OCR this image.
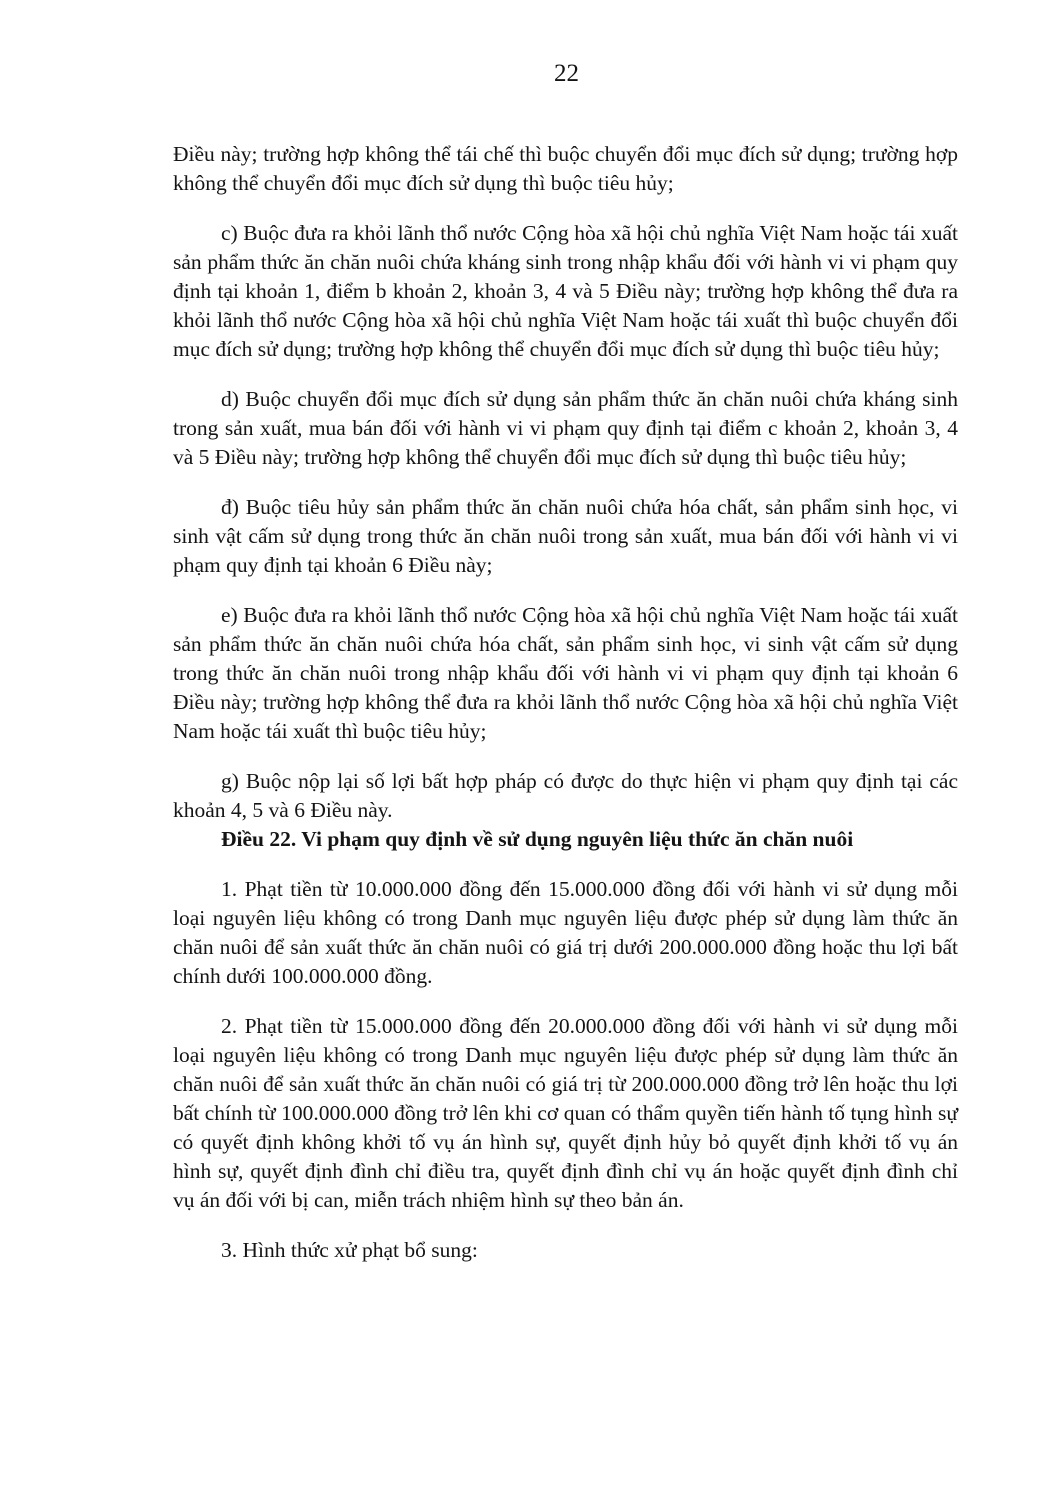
22

Điều này; trường hợp không thể tái chế thì buộc chuyển đổi mục đích sử dụng; trường hợp không thể chuyển đổi mục đích sử dụng thì buộc tiêu hủy;

c) Buộc đưa ra khỏi lãnh thổ nước Cộng hòa xã hội chủ nghĩa Việt Nam hoặc tái xuất sản phẩm thức ăn chăn nuôi chứa kháng sinh trong nhập khẩu đối với hành vi vi phạm quy định tại khoản 1, điểm b khoản 2, khoản 3, 4 và 5 Điều này; trường hợp không thể đưa ra khỏi lãnh thổ nước Cộng hòa xã hội chủ nghĩa Việt Nam hoặc tái xuất thì buộc chuyển đổi mục đích sử dụng; trường hợp không thể chuyển đổi mục đích sử dụng thì buộc tiêu hủy;

d) Buộc chuyển đổi mục đích sử dụng sản phẩm thức ăn chăn nuôi chứa kháng sinh trong sản xuất, mua bán đối với hành vi vi phạm quy định tại điểm c khoản 2, khoản 3, 4 và 5 Điều này; trường hợp không thể chuyển đổi mục đích sử dụng thì buộc tiêu hủy;

đ) Buộc tiêu hủy sản phẩm thức ăn chăn nuôi chứa hóa chất, sản phẩm sinh học, vi sinh vật cấm sử dụng trong thức ăn chăn nuôi trong sản xuất, mua bán đối với hành vi vi phạm quy định tại khoản 6 Điều này;

e) Buộc đưa ra khỏi lãnh thổ nước Cộng hòa xã hội chủ nghĩa Việt Nam hoặc tái xuất sản phẩm thức ăn chăn nuôi chứa hóa chất, sản phẩm sinh học, vi sinh vật cấm sử dụng trong thức ăn chăn nuôi trong nhập khẩu đối với hành vi vi phạm quy định tại khoản 6 Điều này; trường hợp không thể đưa ra khỏi lãnh thổ nước Cộng hòa xã hội chủ nghĩa Việt Nam hoặc tái xuất thì buộc tiêu hủy;

g) Buộc nộp lại số lợi bất hợp pháp có được do thực hiện vi phạm quy định tại các khoản 4, 5 và 6 Điều này.

Điều 22. Vi phạm quy định về sử dụng nguyên liệu thức ăn chăn nuôi

1. Phạt tiền từ 10.000.000 đồng đến 15.000.000 đồng đối với hành vi sử dụng mỗi loại nguyên liệu không có trong Danh mục nguyên liệu được phép sử dụng làm thức ăn chăn nuôi để sản xuất thức ăn chăn nuôi có giá trị dưới 200.000.000 đồng hoặc thu lợi bất chính dưới 100.000.000 đồng.

2. Phạt tiền từ 15.000.000 đồng đến 20.000.000 đồng đối với hành vi sử dụng mỗi loại nguyên liệu không có trong Danh mục nguyên liệu được phép sử dụng làm thức ăn chăn nuôi để sản xuất thức ăn chăn nuôi có giá trị từ 200.000.000 đồng trở lên hoặc thu lợi bất chính từ 100.000.000 đồng trở lên khi cơ quan có thẩm quyền tiến hành tố tụng hình sự có quyết định không khởi tố vụ án hình sự, quyết định hủy bỏ quyết định khởi tố vụ án hình sự, quyết định đình chỉ điều tra, quyết định đình chỉ vụ án hoặc quyết định đình chỉ vụ án đối với bị can, miễn trách nhiệm hình sự theo bản án.

3. Hình thức xử phạt bổ sung:
